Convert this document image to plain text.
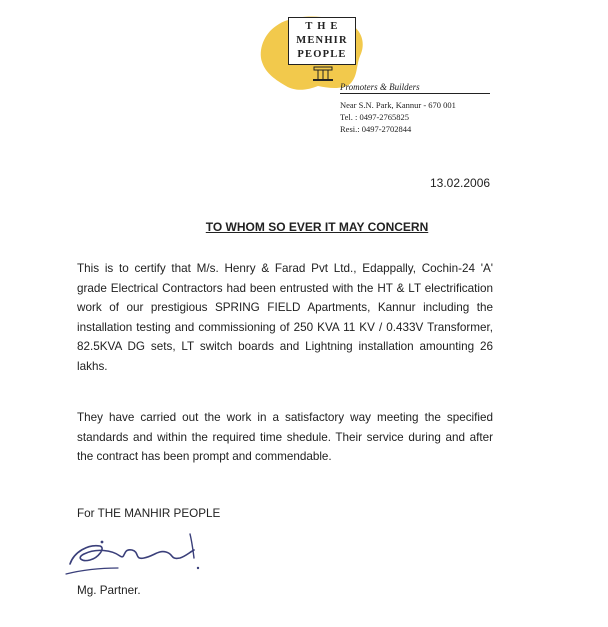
T H E
MENHIR
PEOPLE
Promoters & Builders
Near S.N. Park, Kannur - 670 001
Tel. : 0497-2765825
Resi.: 0497-2702844
13.02.2006
TO WHOM SO EVER IT MAY CONCERN

This is to certify that M/s. Henry & Farad Pvt Ltd., Edappally, Cochin-24 'A' grade Electrical Contractors had been entrusted with the HT & LT electrification work of our prestigious SPRING FIELD Apartments, Kannur including the installation testing and commissioning of 250 KVA 11 KV / 0.433V Transformer, 82.5KVA DG sets, LT switch boards and Lightning installation amounting 26 lakhs.

They have carried out the work in a satisfactory way meeting the specified standards and within the required time shedule. Their service during and after the contract has been prompt and commendable.

For THE MANHIR PEOPLE
Mg. Partner.
